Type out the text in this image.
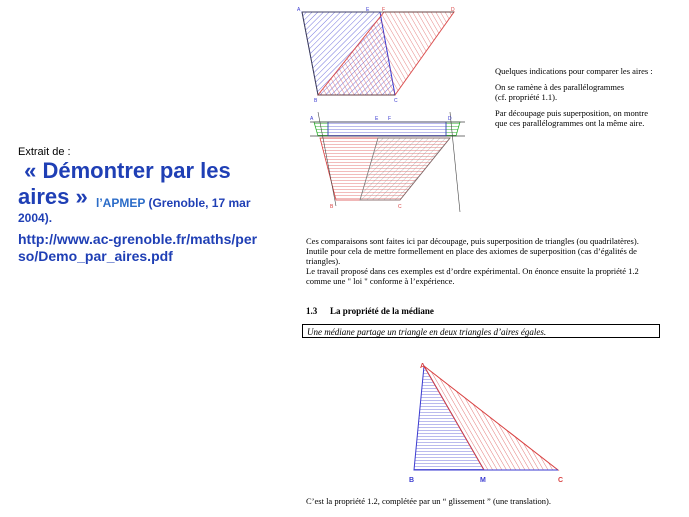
Extrait de :
« Démontrer par les
aires » l’APMEP (Grenoble, 17 mar
2004).
http://www.ac-grenoble.fr/maths/per
so/Demo_par_aires.pdf
A	E	F	D
B	C
A	E F	D
B	C

Quelques indications pour comparer les aires :

On se ramène à des parallélogrammes
(cf. propriété 1.1).

Par découpage puis superposition, on montre
que ces parallélogrammes ont la même aire.

Ces comparaisons sont faites ici par découpage, puis superposition de triangles (ou quadrilatères).

Inutile pour cela de mettre formellement en place des axiomes de superposition (cas d’égalités de

triangles).

Le travail proposé dans ces exemples est d’ordre expérimental. On énonce ensuite la propriété 1.2

comme une " loi " conforme à l’expérience.

1.3 La propriété de la médiane
Une médiane partage un triangle en deux triangles d’aires égales.
A
B	M	C
C’est la propriété 1.2, complétée par un “ glissement ” (une translation).
